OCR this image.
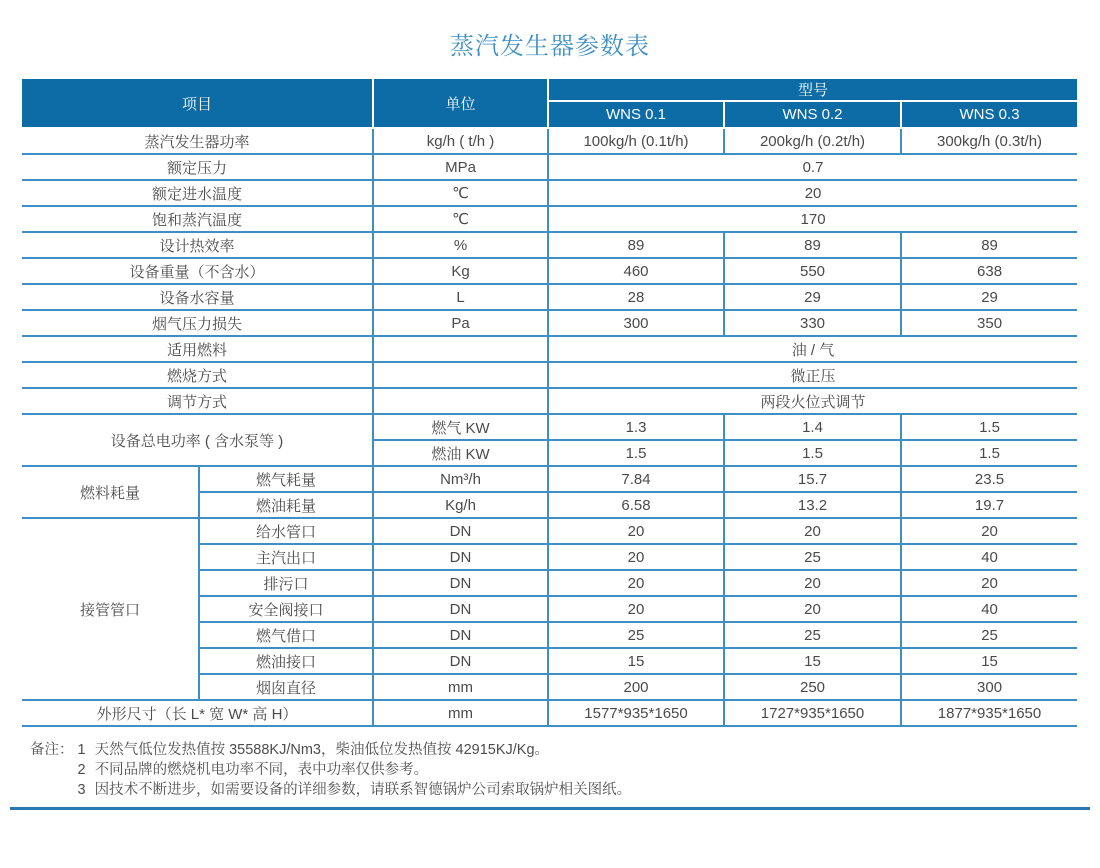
蒸汽发生器参数表
项目		单位	型号		
			WNS 0.1	WNS 0.2	WNS 0.3
蒸汽发生器功率		kg/h ( t/h )	100kg/h (0.1t/h)	200kg/h (0.2t/h)	300kg/h (0.3t/h)
额定压力		MPa	0.7		
额定进水温度		℃	20		
饱和蒸汽温度		℃	170		
设计热效率		%	89	89	89
设备重量（不含水）		Kg	460	550	638
设备水容量		L	28	29	29
烟气压力损失		Pa	300	330	350
适用燃料			油 / 气		
燃烧方式			微正压		
调节方式			两段火位式调节		
设备总电功率 ( 含水泵等 )		燃气 KW	1.3	1.4	1.5
		燃油 KW	1.5	1.5	1.5
燃料耗量	燃气耗量	Nm³/h	7.84	15.7	23.5
	燃油耗量	Kg/h	6.58	13.2	19.7
接管管口	给水管口	DN	20	20	20
	主汽出口	DN	20	25	40
	排污口	DN	20	20	20
	安全阀接口	DN	20	20	40
	燃气借口	DN	25	25	25
	燃油接口	DN	15	15	15
	烟囱直径	mm	200	250	300
外形尺寸（长 L* 宽 W* 高 H）		mm	1577*935*1650	1727*935*1650	1877*935*1650
备注： 1 天然气低位发热值按 35588KJ/Nm3，柴油低位发热值按 42915KJ/Kg。
2 不同品牌的燃烧机电功率不同，表中功率仅供参考。
3 因技术不断进步，如需要设备的详细参数，请联系智德锅炉公司索取锅炉相关图纸。
